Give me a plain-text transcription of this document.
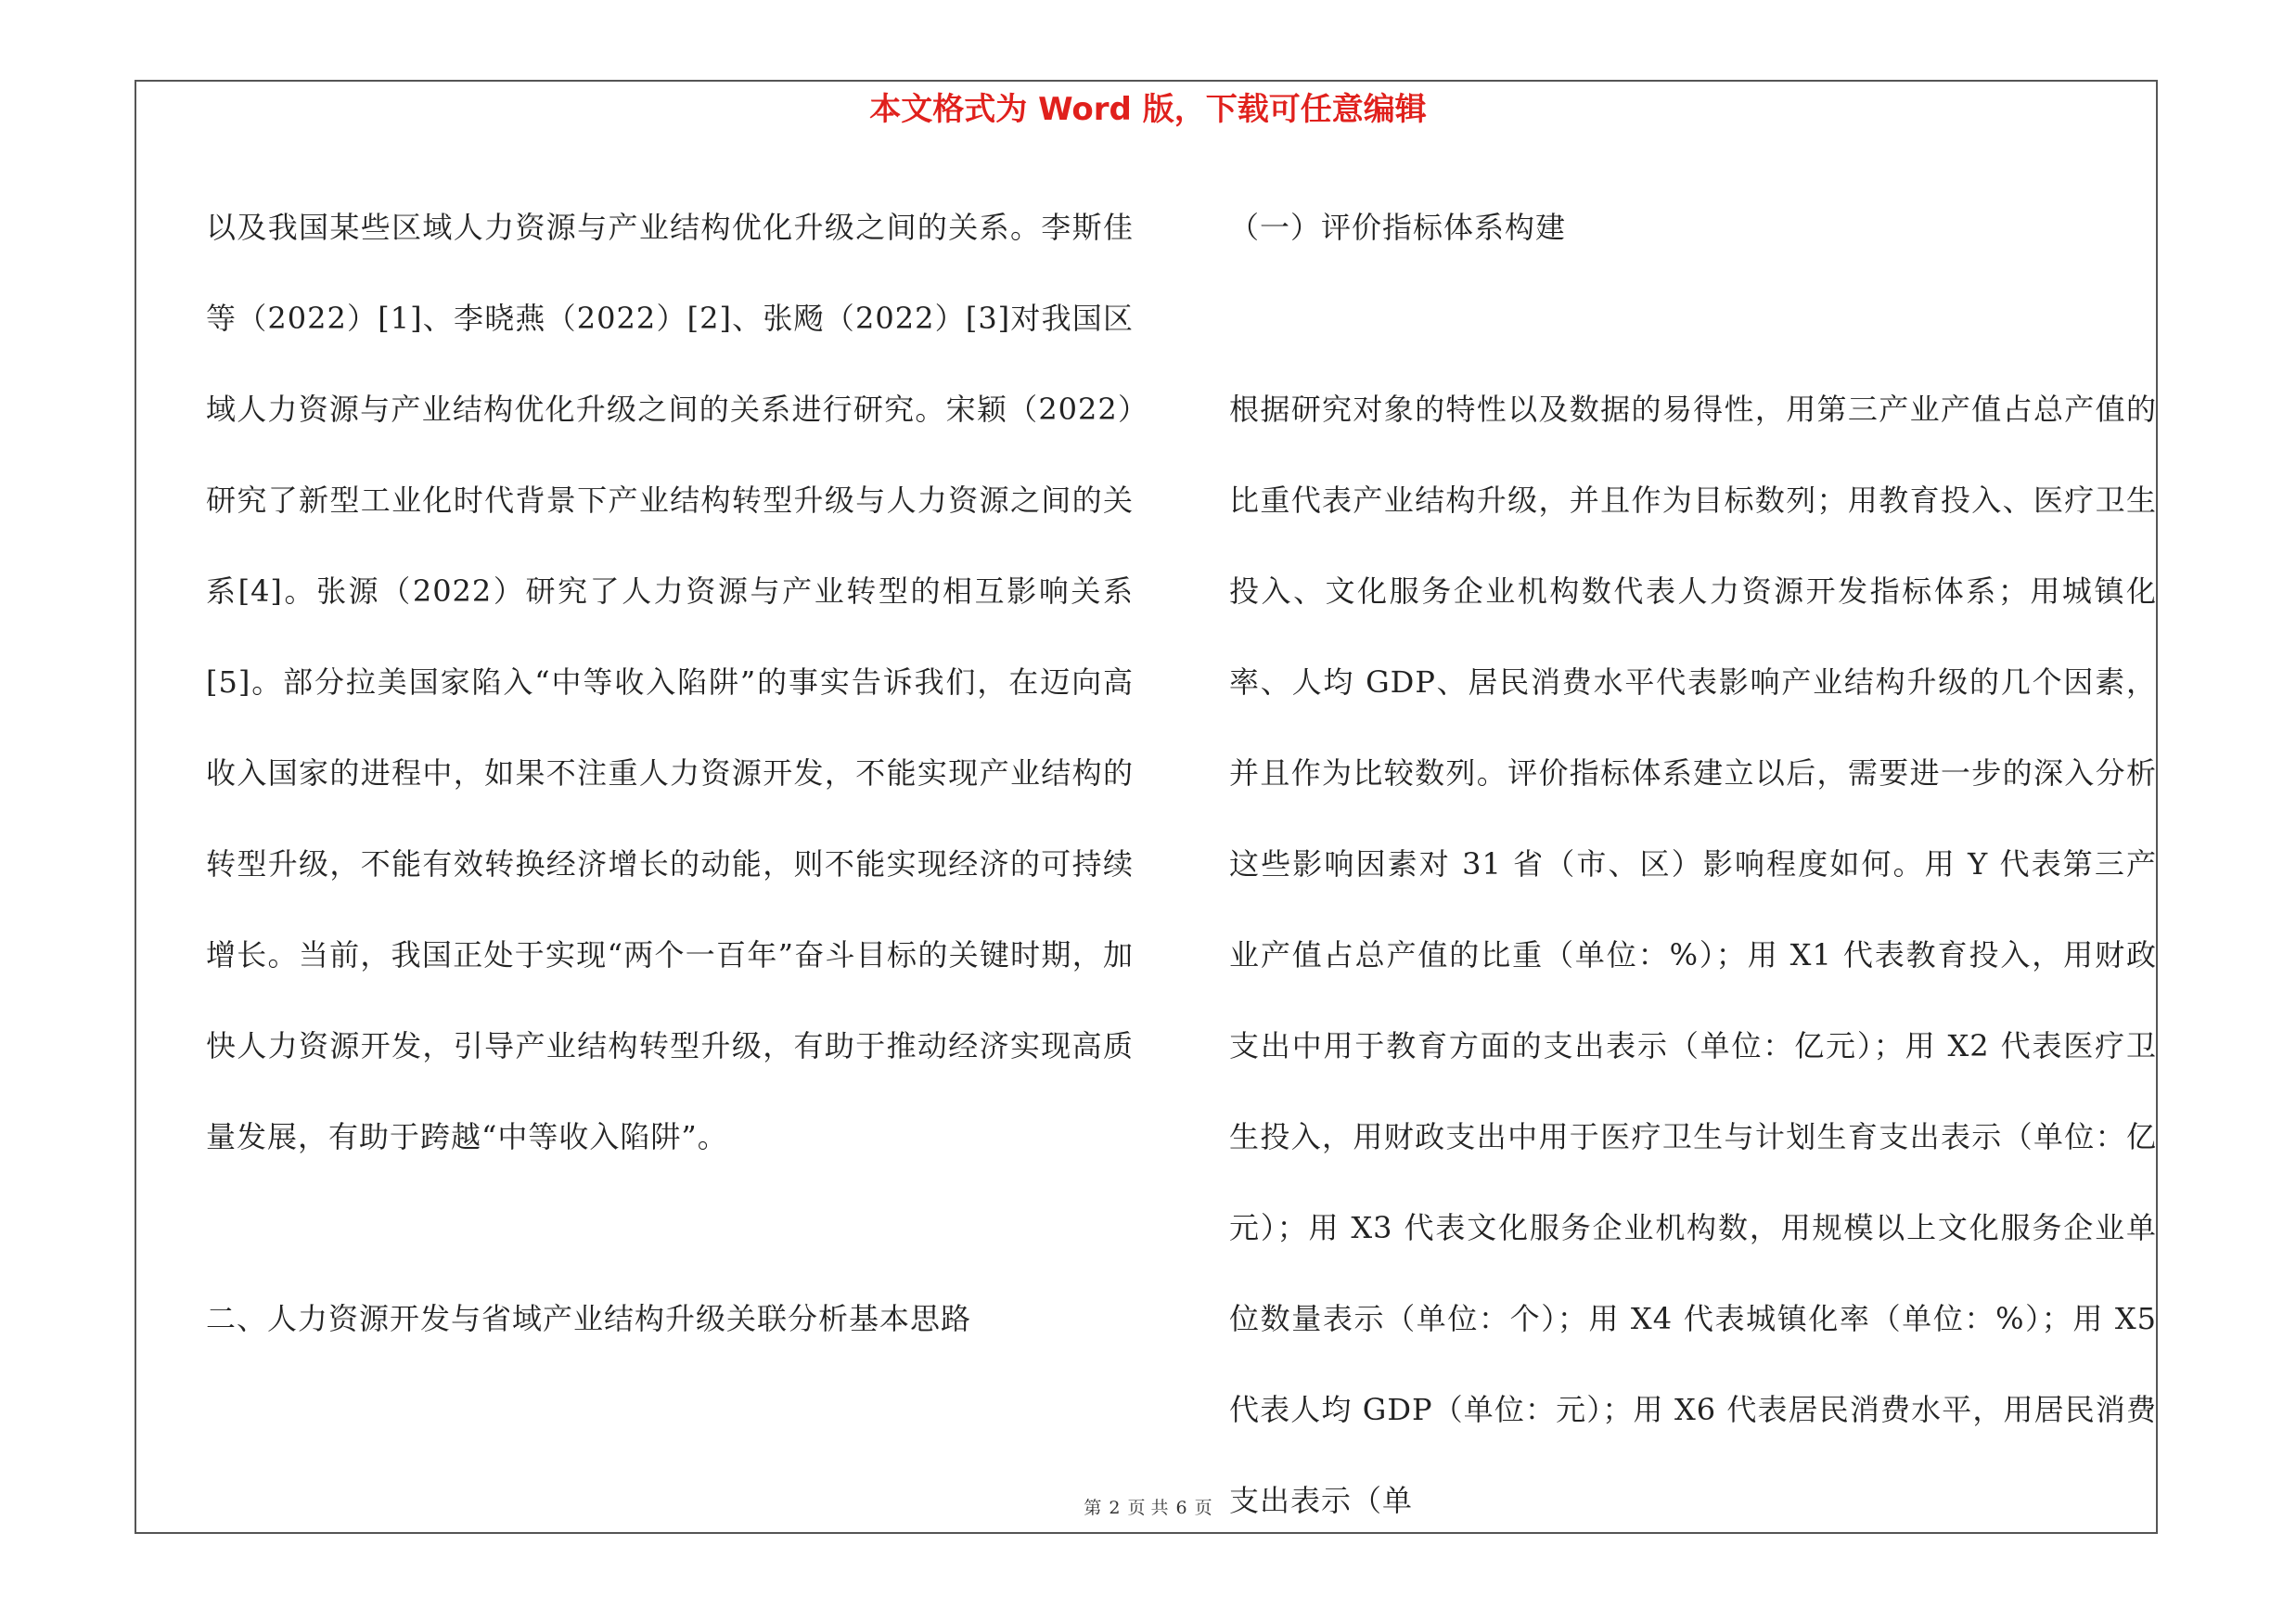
本文格式为 Word 版，下载可任意编辑

以及我国某些区域人力资源与产业结构优化升级之间的关系。李斯佳等（2022）[1]、李晓燕（2022）[2]、张飏（2022）[3]对我国区域人力资源与产业结构优化升级之间的关系进行研究。宋颖（2022）研究了新型工业化时代背景下产业结构转型升级与人力资源之间的关系[4]。张源（2022）研究了人力资源与产业转型的相互影响关系[5]。部分拉美国家陷入“中等收入陷阱”的事实告诉我们，在迈向高收入国家的进程中，如果不注重人力资源开发，不能实现产业结构的转型升级，不能有效转换经济增长的动能，则不能实现经济的可持续增长。当前，我国正处于实现“两个一百年”奋斗目标的关键时期，加快人力资源开发，引导产业结构转型升级，有助于推动经济实现高质量发展，有助于跨越“中等收入陷阱”。

二、人力资源开发与省域产业结构升级关联分析基本思路

（一）评价指标体系构建

根据研究对象的特性以及数据的易得性，用第三产业产值占总产值的比重代表产业结构升级，并且作为目标数列；用教育投入、医疗卫生投入、文化服务企业机构数代表人力资源开发指标体系；用城镇化率、人均 GDP、居民消费水平代表影响产业结构升级的几个因素，并且作为比较数列。评价指标体系建立以后，需要进一步的深入分析这些影响因素对 31 省（市、区）影响程度如何。用 Y 代表第三产业产值占总产值的比重（单位：%）；用 X1 代表教育投入，用财政支出中用于教育方面的支出表示（单位：亿元）；用 X2 代表医疗卫生投入，用财政支出中用于医疗卫生与计划生育支出表示（单位：亿元）；用 X3 代表文化服务企业机构数，用规模以上文化服务企业单位数量表示（单位：个）；用 X4 代表城镇化率（单位：%）；用 X5 代表人均 GDP（单位：元）；用 X6 代表居民消费水平，用居民消费支出表示（单

第 2 页 共 6 页
